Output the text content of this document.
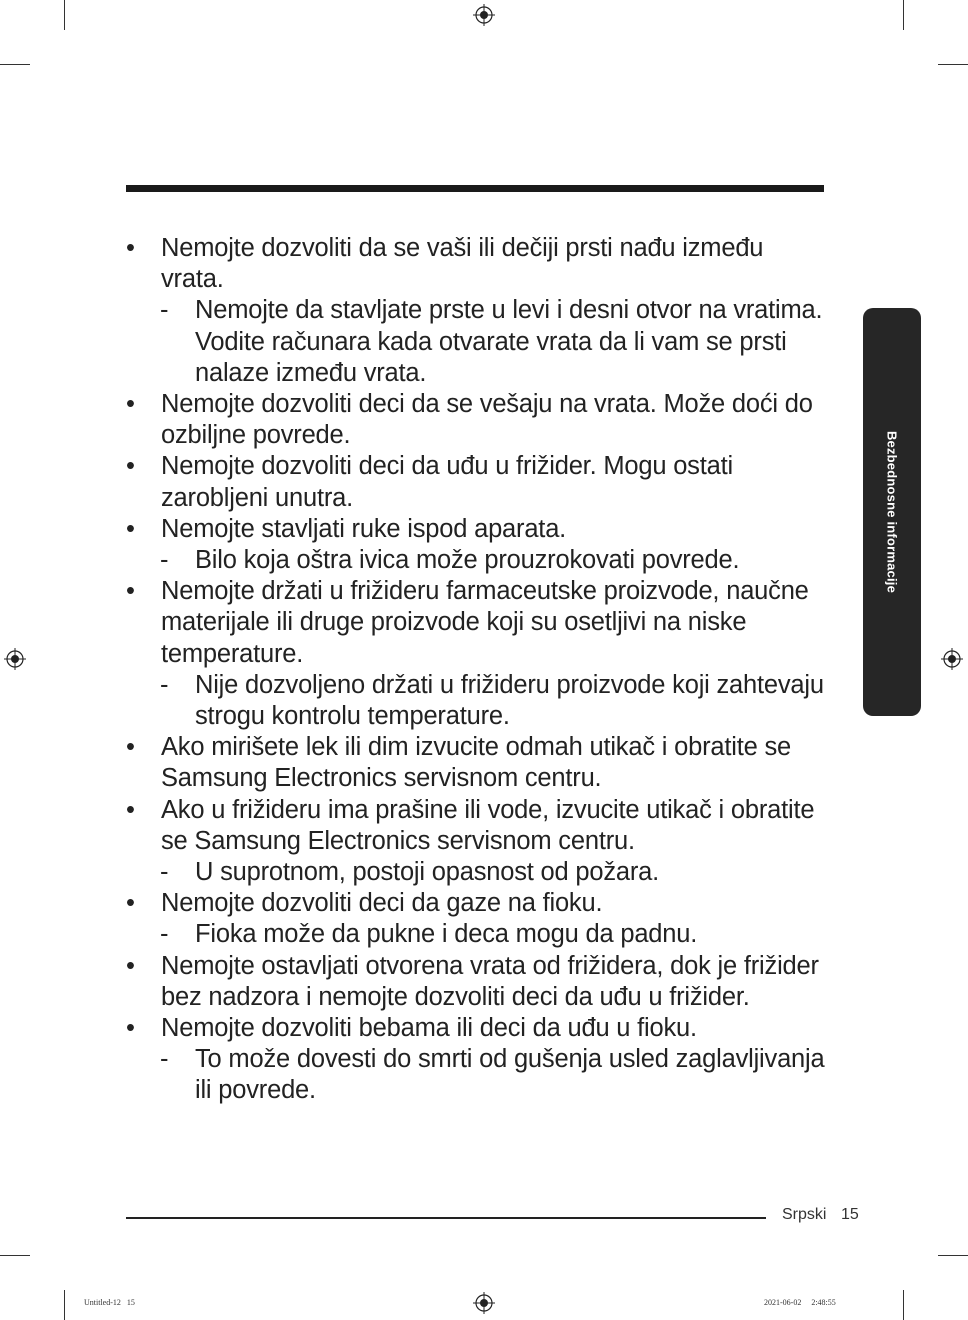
• Nemojte dozvoliti da se vaši ili dečiji prsti nađu između vrata.
- Nemojte da stavljate prste u levi i desni otvor na vratima. Vodite računara kada otvarate vrata da li vam se prsti nalaze između vrata.
• Nemojte dozvoliti deci da se vešaju na vrata. Može doći do ozbiljne povrede.
• Nemojte dozvoliti deci da uđu u frižider. Mogu ostati zarobljeni unutra.
• Nemojte stavljati ruke ispod aparata.
- Bilo koja oštra ivica može prouzrokovati povrede.
• Nemojte držati u frižideru farmaceutske proizvode, naučne materijale ili druge proizvode koji su osetljivi na niske temperature.
- Nije dozvoljeno držati u frižideru proizvode koji zahtevaju strogu kontrolu temperature.
• Ako mirišete lek ili dim izvucite odmah utikač i obratite se Samsung Electronics servisnom centru.
• Ako u frižideru ima prašine ili vode, izvucite utikač i obratite se Samsung Electronics servisnom centru.
- U suprotnom, postoji opasnost od požara.
• Nemojte dozvoliti deci da gaze na fioku.
- Fioka može da pukne i deca mogu da padnu.
• Nemojte ostavljati otvorena vrata od frižidera, dok je frižider bez nadzora i nemojte dozvoliti deci da uđu u frižider.
• Nemojte dozvoliti bebama ili deci da uđu u fioku.
- To može dovesti do smrti od gušenja usled zaglavljivanja ili povrede.
Bezbednosne informacije
Srpski 15
Untitled-12   15	2021-06-02     2:48:55
